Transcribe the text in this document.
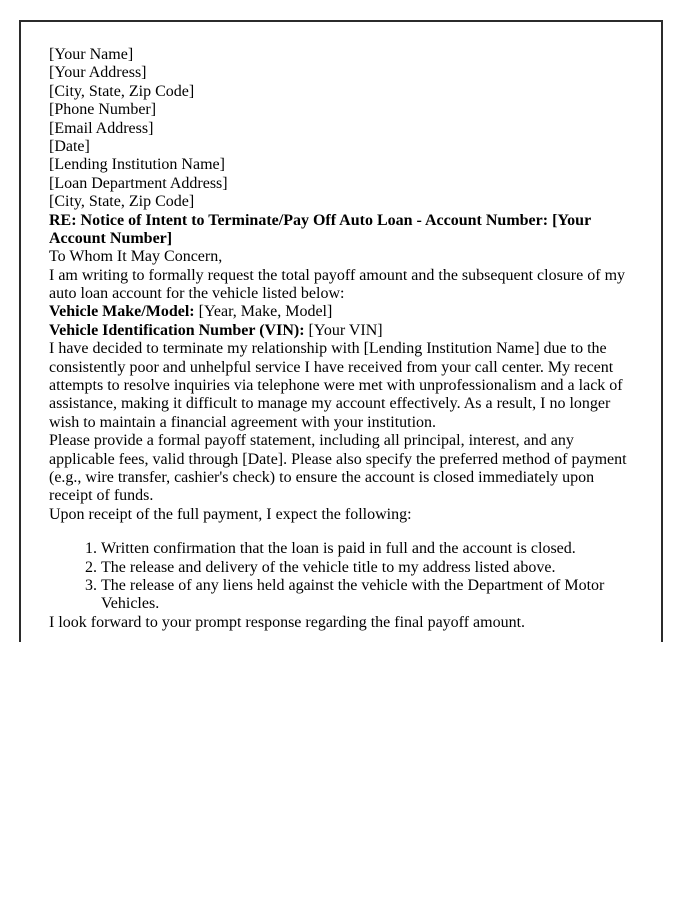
[Your Name]
[Your Address]
[City, State, Zip Code]
[Phone Number]
[Email Address]

[Date]

[Lending Institution Name]
[Loan Department Address]
[City, State, Zip Code]

RE: Notice of Intent to Terminate/Pay Off Auto Loan - Account Number: [Your Account Number]

To Whom It May Concern,

I am writing to formally request the total payoff amount and the subsequent closure of my auto loan account for the vehicle listed below:

Vehicle Make/Model: [Year, Make, Model]
Vehicle Identification Number (VIN): [Your VIN]

I have decided to terminate my relationship with [Lending Institution Name] due to the consistently poor and unhelpful service I have received from your call center. My recent attempts to resolve inquiries via telephone were met with unprofessionalism and a lack of assistance, making it difficult to manage my account effectively. As a result, I no longer wish to maintain a financial agreement with your institution.

Please provide a formal payoff statement, including all principal, interest, and any applicable fees, valid through [Date]. Please also specify the preferred method of payment (e.g., wire transfer, cashier's check) to ensure the account is closed immediately upon receipt of funds.

Upon receipt of the full payment, I expect the following:

1. Written confirmation that the loan is paid in full and the account is closed.
2. The release and delivery of the vehicle title to my address listed above.
3. The release of any liens held against the vehicle with the Department of Motor Vehicles.

I look forward to your prompt response regarding the final payoff amount.
